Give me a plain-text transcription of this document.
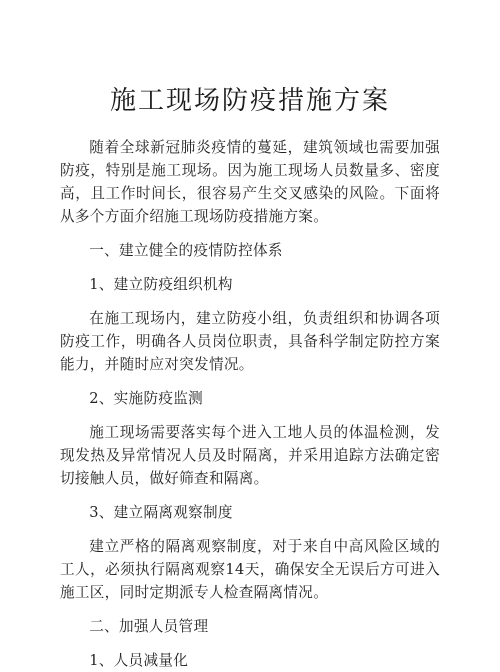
施工现场防疫措施方案

随着全球新冠肺炎疫情的蔓延，建筑领域也需要加强防疫，特别是施工现场。因为施工现场人员数量多、密度高，且工作时间长，很容易产生交叉感染的风险。下面将从多个方面介绍施工现场防疫措施方案。

一、建立健全的疫情防控体系

1、建立防疫组织机构

在施工现场内，建立防疫小组，负责组织和协调各项防疫工作，明确各人员岗位职责，具备科学制定防控方案能力，并随时应对突发情况。

2、实施防疫监测

施工现场需要落实每个进入工地人员的体温检测，发现发热及异常情况人员及时隔离，并采用追踪方法确定密切接触人员，做好筛查和隔离。

3、建立隔离观察制度

建立严格的隔离观察制度，对于来自中高风险区域的工人，必须执行隔离观察14天，确保安全无误后方可进入施工区，同时定期派专人检查隔离情况。

二、加强人员管理

1、人员减量化
